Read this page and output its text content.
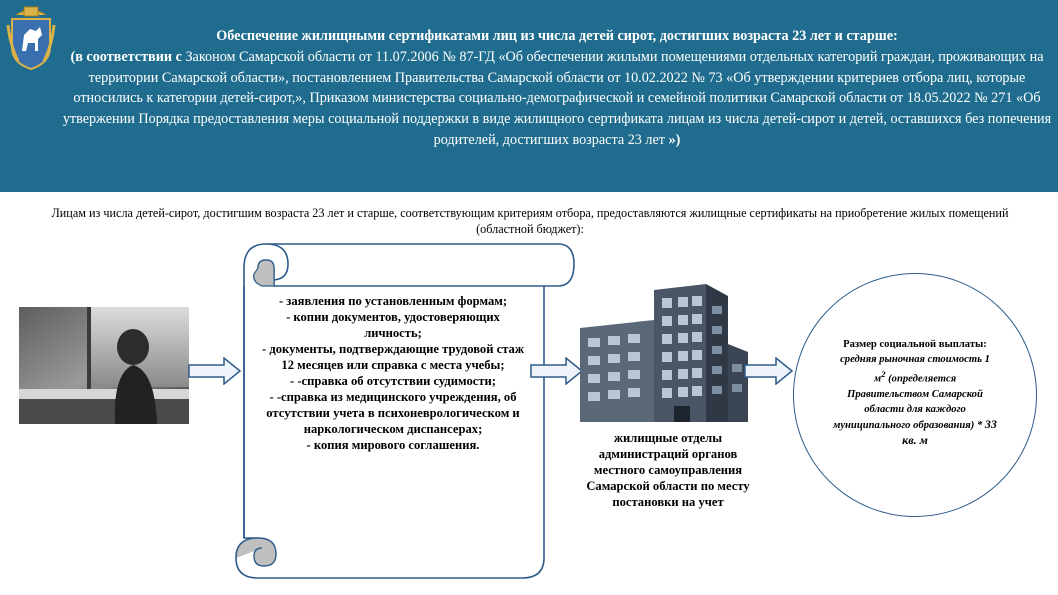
Обеспечение жилищными сертификатами лиц из числа детей сирот, достигших возраста 23 лет и старше:
(в соответствии с Законом Самарской области от 11.07.2006 № 87-ГД «Об обеспечении жилыми помещениями отдельных категорий граждан, проживающих на территории Самарской области», постановлением Правительства Самарской области от 10.02.2022 № 73 «Об утверждении критериев отбора лиц, которые относились к категории детей-сирот,», Приказом министерства социально-демографической и семейной политики Самарской области от 18.05.2022 № 271 «Об утвержении Порядка предоставления меры социальной поддержки в виде жилищного сертификата лицам из числа детей-сирот и детей, оставшихся без попечения родителей, достигших возраста 23 лет »)
Лицам из числа детей-сирот, достигшим возраста 23 лет и старше, соответствующим критериям отбора, предоставляются жилищные сертификаты на приобретение жилых помещений (областной бюджет):
- заявления по установленным формам;
- копии документов, удостоверяющих личность;
- документы, подтверждающие трудовой стаж 12 месяцев или справка с места учебы;
- -справка об отсутствии судимости;
- -справка из медицинского учреждения, об отсутствии учета в психоневрологическом и наркологическом диспансерах;
- копия мирового соглашения.	жилищные отделы администраций органов местного самоуправления Самарской области по месту постановки на учет
Размер социальной выплаты:
средняя рыночная стоимость 1 $м^2$ (определяется Правительством Самарской области для каждого муниципального образования) * 33 кв. м
